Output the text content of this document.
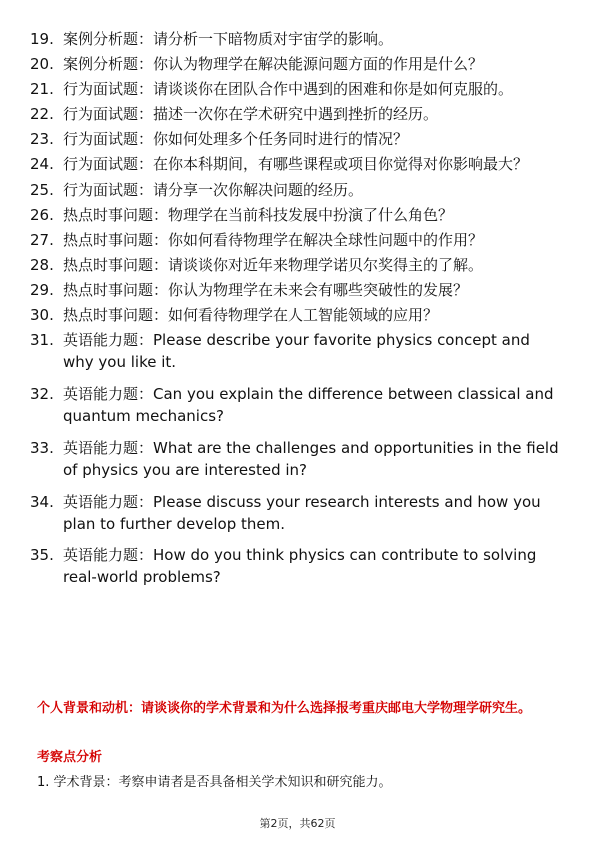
19. 案例分析题：请分析一下暗物质对宇宙学的影响。
20. 案例分析题：你认为物理学在解决能源问题方面的作用是什么？
21. 行为面试题：请谈谈你在团队合作中遇到的困难和你是如何克服的。
22. 行为面试题：描述一次你在学术研究中遇到挫折的经历。
23. 行为面试题：你如何处理多个任务同时进行的情况？
24. 行为面试题：在你本科期间，有哪些课程或项目你觉得对你影响最大？
25. 行为面试题：请分享一次你解决问题的经历。
26. 热点时事问题：物理学在当前科技发展中扮演了什么角色？
27. 热点时事问题：你如何看待物理学在解决全球性问题中的作用？
28. 热点时事问题：请谈谈你对近年来物理学诺贝尔奖得主的了解。
29. 热点时事问题：你认为物理学在未来会有哪些突破性的发展？
30. 热点时事问题：如何看待物理学在人工智能领域的应用？
31. 英语能力题：Please describe your favorite physics concept and why you like it.
32. 英语能力题：Can you explain the difference between classical and quantum mechanics?
33. 英语能力题：What are the challenges and opportunities in the field of physics you are interested in?
34. 英语能力题：Please discuss your research interests and how you plan to further develop them.
35. 英语能力题：How do you think physics can contribute to solving real-world problems?
个人背景和动机：请谈谈你的学术背景和为什么选择报考重庆邮电大学物理学研究生。
考察点分析
1. 学术背景：考察申请者是否具备相关学术知识和研究能力。
第2页，共62页
